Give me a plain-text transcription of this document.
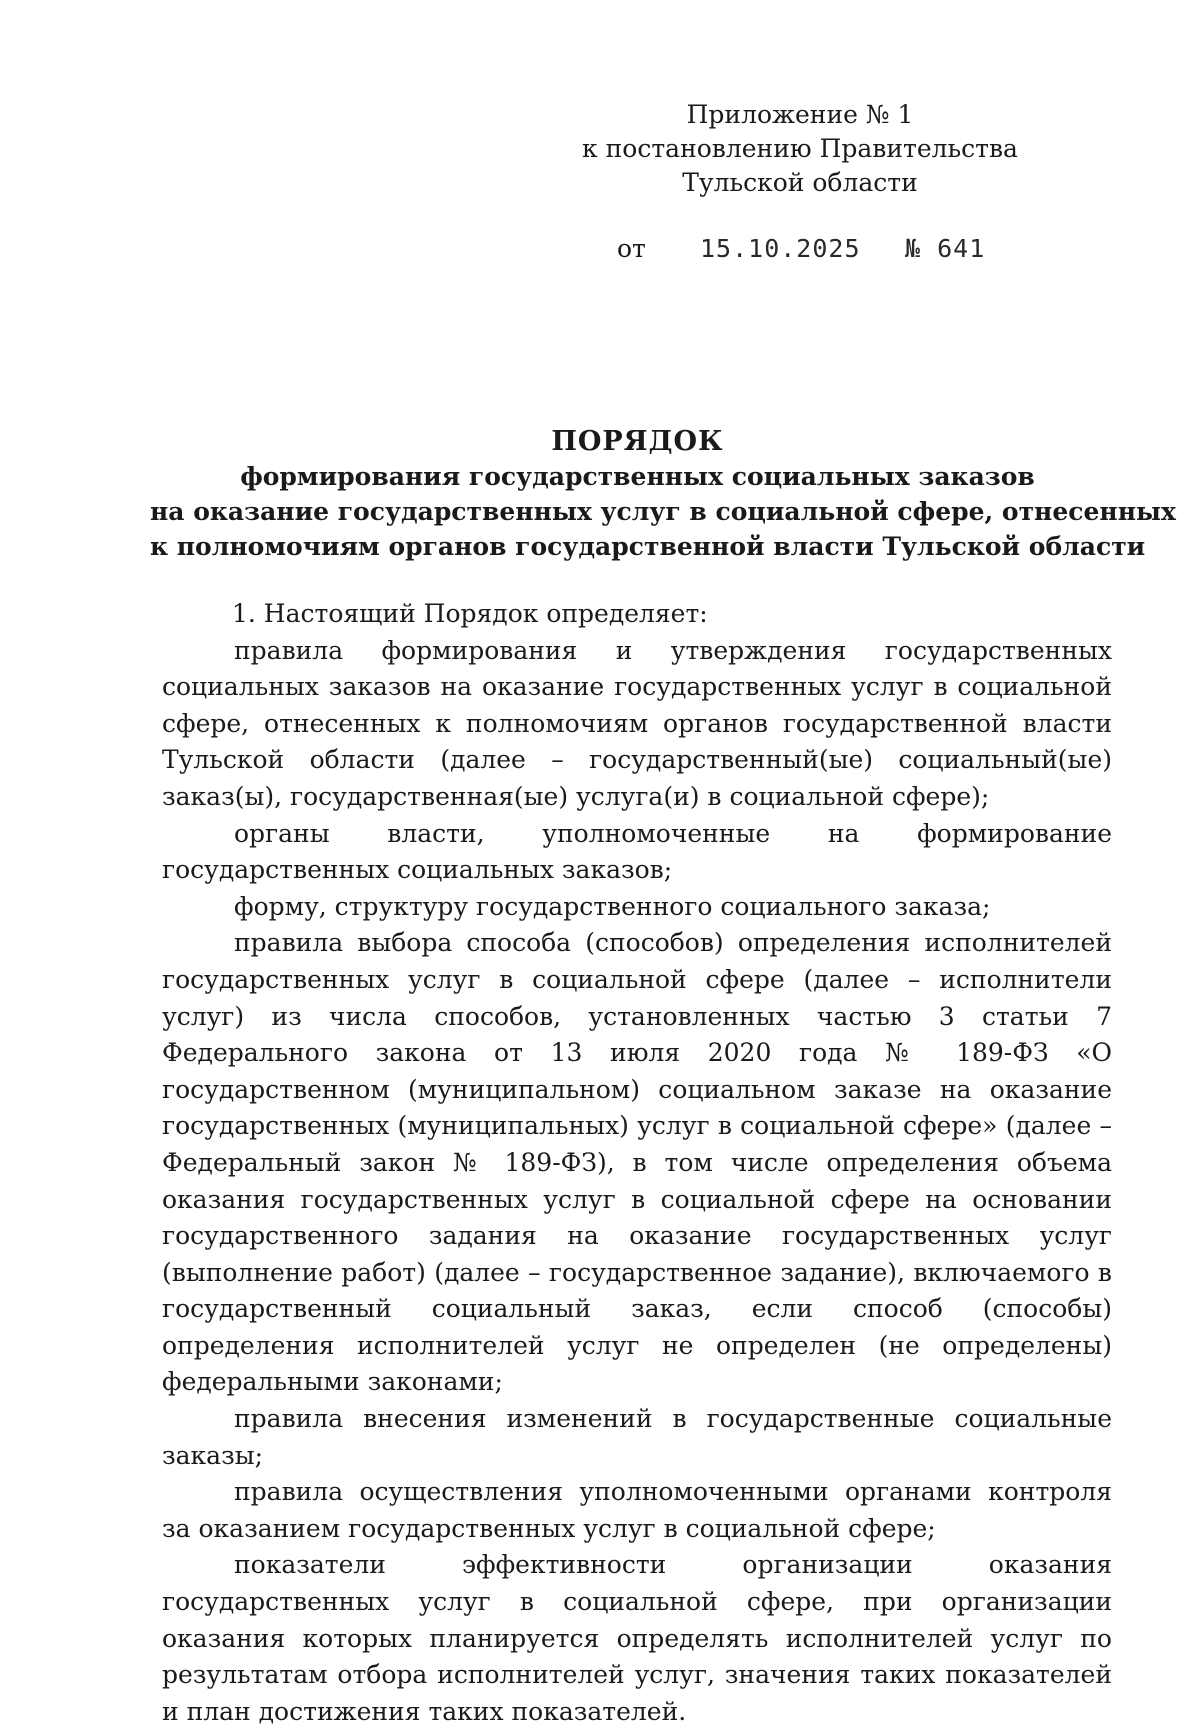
Приложение № 1
к постановлению Правительства
Тульской области
от 15.10.2025 № 641
ПОРЯДОК
формирования государственных социальных заказов
на оказание государственных услуг в социальной сфере, отнесенных
к полномочиям органов государственной власти Тульской области

1. Настоящий Порядок определяет:

правила формирования и утверждения государственных социальных заказов на оказание государственных услуг в социальной сфере, отнесенных к полномочиям органов государственной власти Тульской области (далее – государственный(ые) социальный(ые) заказ(ы), государственная(ые) услуга(и) в социальной сфере);

органы власти, уполномоченные на формирование государственных социальных заказов;

форму, структуру государственного социального заказа;

правила выбора способа (способов) определения исполнителей государственных услуг в социальной сфере (далее – исполнители услуг) из числа способов, установленных частью 3 статьи 7 Федерального закона от 13 июля 2020 года № 189-ФЗ «О государственном (муниципальном) социальном заказе на оказание государственных (муниципальных) услуг в социальной сфере» (далее – Федеральный закон № 189-ФЗ), в том числе определения объема оказания государственных услуг в социальной сфере на основании государственного задания на оказание государственных услуг (выполнение работ) (далее – государственное задание), включаемого в государственный социальный заказ, если способ (способы) определения исполнителей услуг не определен (не определены) федеральными законами;

правила внесения изменений в государственные социальные заказы;

правила осуществления уполномоченными органами контроля за оказанием государственных услуг в социальной сфере;

показатели эффективности организации оказания государственных услуг в социальной сфере, при организации оказания которых планируется определять исполнителей услуг по результатам отбора исполнителей услуг, значения таких показателей и план достижения таких показателей.
